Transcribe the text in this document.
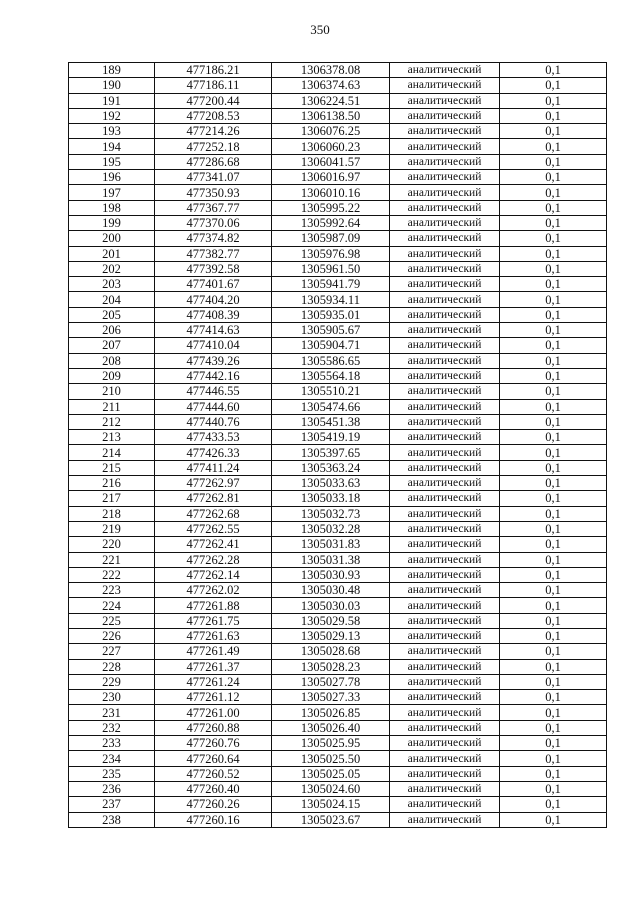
350
189	477186.21	1306378.08	аналитический	0,1
190	477186.11	1306374.63	аналитический	0,1
191	477200.44	1306224.51	аналитический	0,1
192	477208.53	1306138.50	аналитический	0,1
193	477214.26	1306076.25	аналитический	0,1
194	477252.18	1306060.23	аналитический	0,1
195	477286.68	1306041.57	аналитический	0,1
196	477341.07	1306016.97	аналитический	0,1
197	477350.93	1306010.16	аналитический	0,1
198	477367.77	1305995.22	аналитический	0,1
199	477370.06	1305992.64	аналитический	0,1
200	477374.82	1305987.09	аналитический	0,1
201	477382.77	1305976.98	аналитический	0,1
202	477392.58	1305961.50	аналитический	0,1
203	477401.67	1305941.79	аналитический	0,1
204	477404.20	1305934.11	аналитический	0,1
205	477408.39	1305935.01	аналитический	0,1
206	477414.63	1305905.67	аналитический	0,1
207	477410.04	1305904.71	аналитический	0,1
208	477439.26	1305586.65	аналитический	0,1
209	477442.16	1305564.18	аналитический	0,1
210	477446.55	1305510.21	аналитический	0,1
211	477444.60	1305474.66	аналитический	0,1
212	477440.76	1305451.38	аналитический	0,1
213	477433.53	1305419.19	аналитический	0,1
214	477426.33	1305397.65	аналитический	0,1
215	477411.24	1305363.24	аналитический	0,1
216	477262.97	1305033.63	аналитический	0,1
217	477262.81	1305033.18	аналитический	0,1
218	477262.68	1305032.73	аналитический	0,1
219	477262.55	1305032.28	аналитический	0,1
220	477262.41	1305031.83	аналитический	0,1
221	477262.28	1305031.38	аналитический	0,1
222	477262.14	1305030.93	аналитический	0,1
223	477262.02	1305030.48	аналитический	0,1
224	477261.88	1305030.03	аналитический	0,1
225	477261.75	1305029.58	аналитический	0,1
226	477261.63	1305029.13	аналитический	0,1
227	477261.49	1305028.68	аналитический	0,1
228	477261.37	1305028.23	аналитический	0,1
229	477261.24	1305027.78	аналитический	0,1
230	477261.12	1305027.33	аналитический	0,1
231	477261.00	1305026.85	аналитический	0,1
232	477260.88	1305026.40	аналитический	0,1
233	477260.76	1305025.95	аналитический	0,1
234	477260.64	1305025.50	аналитический	0,1
235	477260.52	1305025.05	аналитический	0,1
236	477260.40	1305024.60	аналитический	0,1
237	477260.26	1305024.15	аналитический	0,1
238	477260.16	1305023.67	аналитический	0,1
